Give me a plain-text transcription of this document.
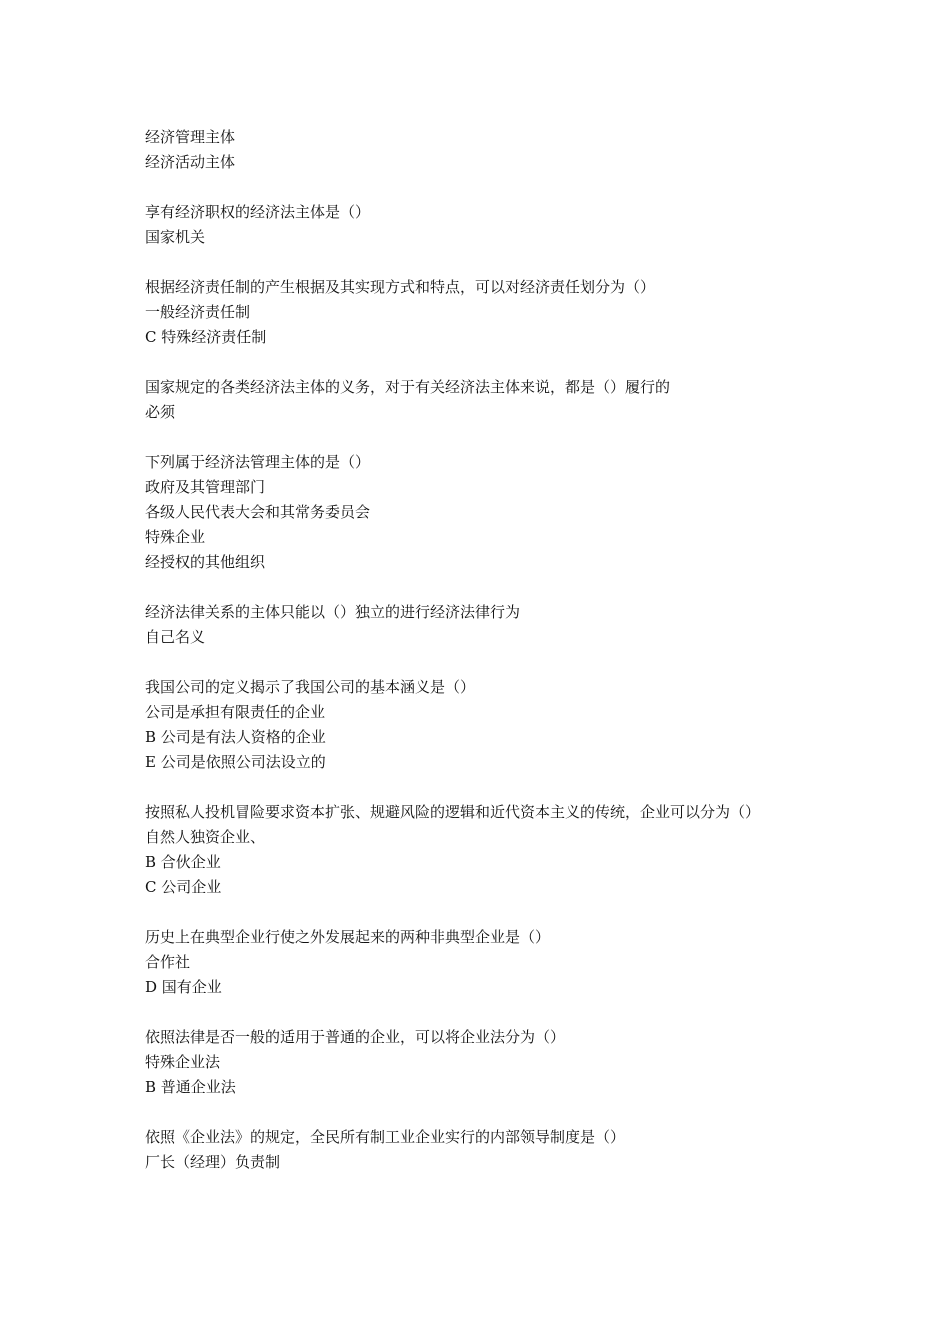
经济管理主体
经济活动主体
享有经济职权的经济法主体是（）
国家机关
根据经济责任制的产生根据及其实现方式和特点，可以对经济责任划分为（）
一般经济责任制
C 特殊经济责任制
国家规定的各类经济法主体的义务，对于有关经济法主体来说，都是（）履行的
必须
下列属于经济法管理主体的是（）
政府及其管理部门
各级人民代表大会和其常务委员会
特殊企业
经授权的其他组织
经济法律关系的主体只能以（）独立的进行经济法律行为
自己名义
我国公司的定义揭示了我国公司的基本涵义是（）
公司是承担有限责任的企业
B 公司是有法人资格的企业
E 公司是依照公司法设立的
按照私人投机冒险要求资本扩张、规避风险的逻辑和近代资本主义的传统，企业可以分为（）
自然人独资企业、
B 合伙企业
C 公司企业
历史上在典型企业行使之外发展起来的两种非典型企业是（）
合作社
D 国有企业
依照法律是否一般的适用于普通的企业，可以将企业法分为（）
特殊企业法
B 普通企业法
依照《企业法》的规定，全民所有制工业企业实行的内部领导制度是（）
厂长（经理）负责制
